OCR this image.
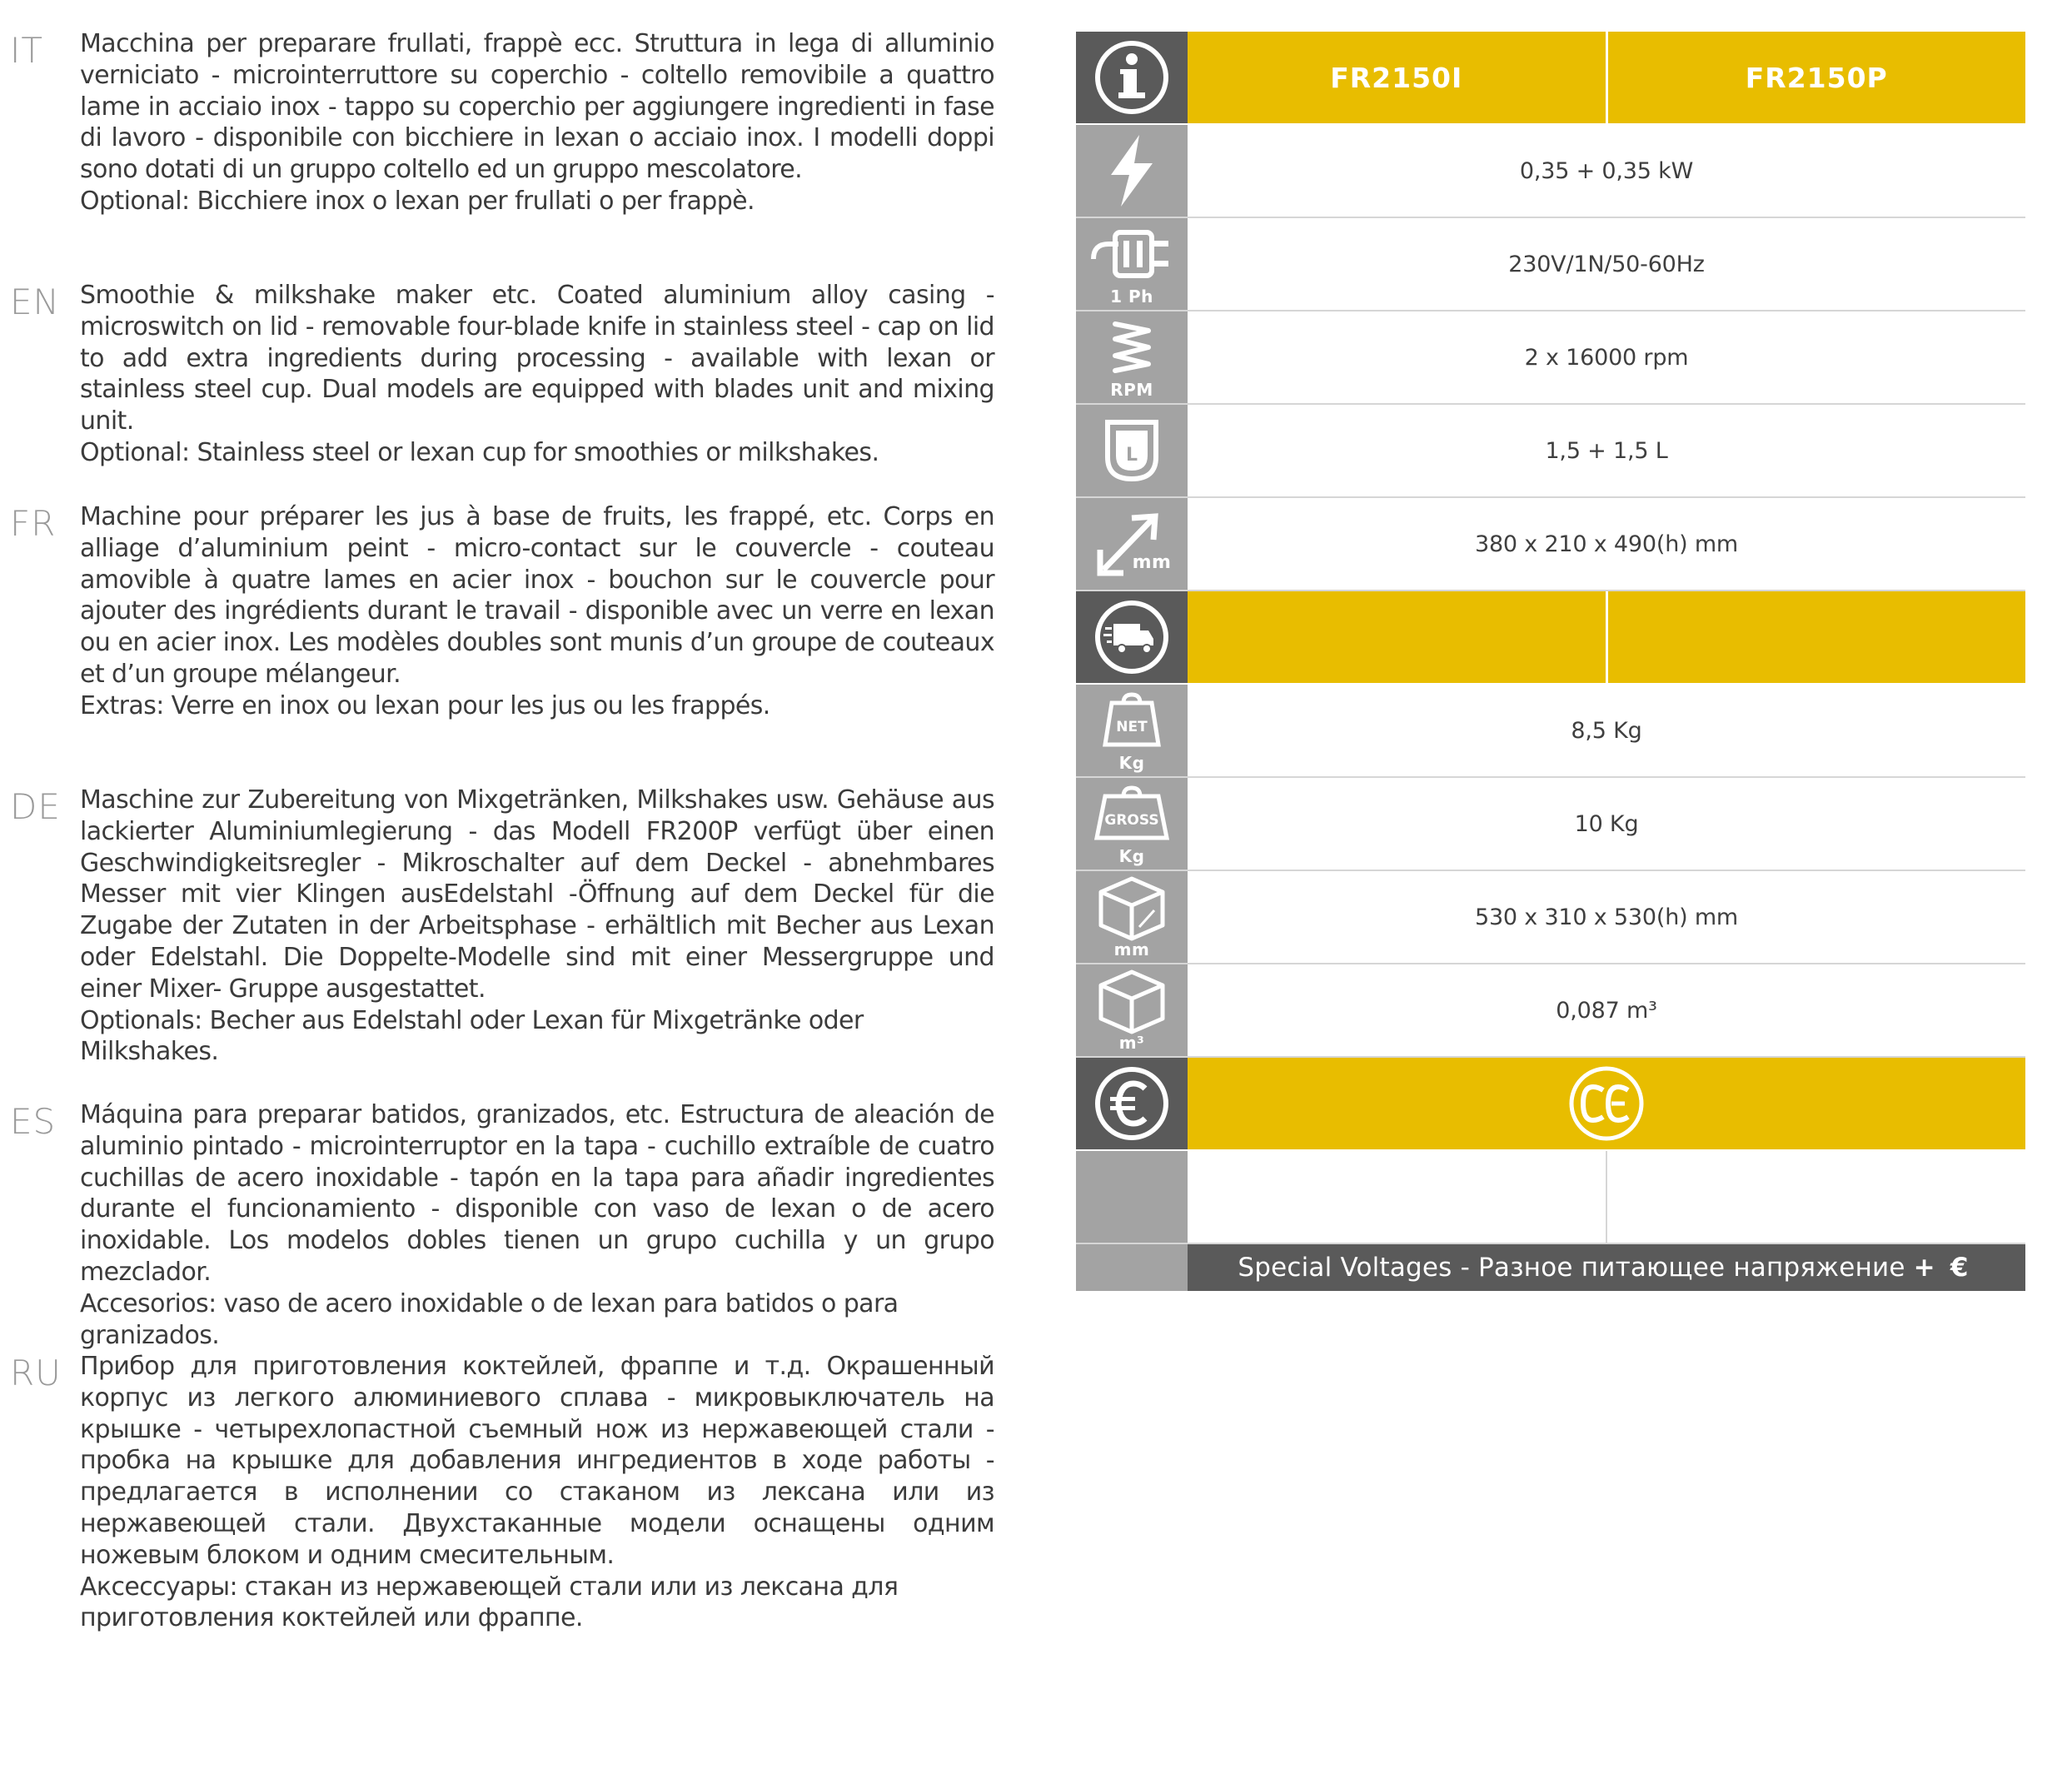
IT Macchina per preparare frullati, frappè ecc. Struttura in lega di alluminio verniciato - microinterruttore su coperchio - coltello removibile a quattro lame in acciaio inox - tappo su coperchio per aggiungere ingredienti in fase di lavoro - disponibile con bicchiere in lexan o acciaio inox. I modelli doppi sono dotati di un gruppo coltello ed un gruppo mescolatore.

Optional: Bicchiere inox o lexan per frullati o per frappè.

EN Smoothie & milkshake maker etc. Coated aluminium alloy casing - microswitch on lid - removable four-blade knife in stainless steel - cap on lid to add extra ingredients during processing - available with lexan or stainless steel cup. Dual models are equipped with blades unit and mixing unit.

Optional: Stainless steel or lexan cup for smoothies or milkshakes.

FR Machine pour préparer les jus à base de fruits, les frappé, etc. Corps en alliage d’aluminium peint - micro-contact sur le couvercle - couteau amovible à quatre lames en acier inox - bouchon sur le couvercle pour ajouter des ingrédients durant le travail - disponible avec un verre en lexan ou en acier inox. Les modèles doubles sont munis d’un groupe de couteaux et d’un groupe mélangeur.

Extras: Verre en inox ou lexan pour les jus ou les frappés.

DE Maschine zur Zubereitung von Mixgetränken, Milkshakes usw. Gehäuse aus lackierter Aluminiumlegierung - das Modell FR200P verfügt über einen Geschwindigkeitsregler - Mikroschalter auf dem Deckel - abnehmbares Messer mit vier Klingen ausEdelstahl -Öffnung auf dem Deckel für die Zugabe der Zutaten in der Arbeitsphase - erhältlich mit Becher aus Lexan oder Edelstahl. Die Doppelte-Modelle sind mit einer Messergruppe und einer Mixer- Gruppe ausgestattet.

Optionals: Becher aus Edelstahl oder Lexan für Mixgetränke oder Milkshakes.

ES Máquina para preparar batidos, granizados, etc. Estructura de aleación de aluminio pintado - microinterruptor en la tapa - cuchillo extraíble de cuatro cuchillas de acero inoxidable - tapón en la tapa para añadir ingredientes durante el funcionamiento - disponible con vaso de lexan o de acero inoxidable. Los modelos dobles tienen un grupo cuchilla y un grupo mezclador.

Accesorios: vaso de acero inoxidable o de lexan para batidos o para granizados.

RU Прибор для приготовления коктейлей, фраппе и т.д. Окрашенный корпус из легкого алюминиевого сплава - микровыключатель на крышке - четырехлопастной съемный нож из нержавеющей стали - пробка на крышке для добавления ингредиентов в ходе работы - предлагается в исполнении со стаканом из лексана или из нержавеющей стали. Двухстаканные модели оснащены одним ножевым блоком и одним смесительным.

Аксессуары: стакан из нержавеющей стали или из лексана для приготовления коктейлей или фраппе.

FR2150I	FR2150P
0,35 + 0,35 kW
1 Ph
230V/1N/50-60Hz
RPM
2 x 16000 rpm
L	1,5 + 1,5 L
mm
380 x 210 x 490(h) mm
NET
Kg
8,5 Kg
GROSS
Kg
10 Kg
mm
530 x 310 x 530(h) mm
m³
0,087 m³
Special Voltages - Разное питающее напряжение + €
